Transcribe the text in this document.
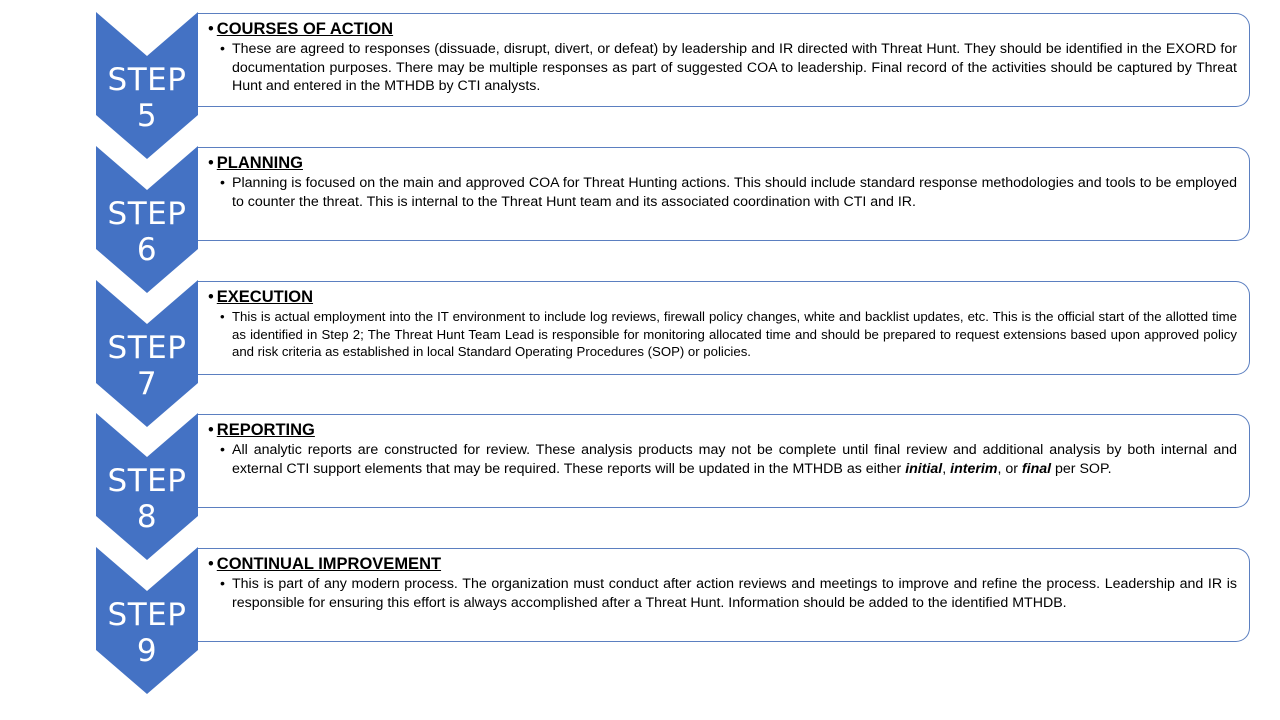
STEP 5
• COURSES OF ACTION
• These are agreed to responses (dissuade, disrupt, divert, or defeat) by leadership and IR directed with Threat Hunt. They should be identified in the EXORD for documentation purposes. There may be multiple responses as part of suggested COA to leadership. Final record of the activities should be captured by Threat Hunt and entered in the MTHDB by CTI analysts.
STEP 6
• PLANNING
• Planning is focused on the main and approved COA for Threat Hunting actions. This should include standard response methodologies and tools to be employed to counter the threat. This is internal to the Threat Hunt team and its associated coordination with CTI and IR.
STEP 7
• EXECUTION
• This is actual employment into the IT environment to include log reviews, firewall policy changes, white and backlist updates, etc. This is the official start of the allotted time as identified in Step 2; The Threat Hunt Team Lead is responsible for monitoring allocated time and should be prepared to request extensions based upon approved policy and risk criteria as established in local Standard Operating Procedures (SOP) or policies.
STEP 8
• REPORTING
• All analytic reports are constructed for review. These analysis products may not be complete until final review and additional analysis by both internal and external CTI support elements that may be required. These reports will be updated in the MTHDB as either initial, interim, or final per SOP.
STEP 9
• CONTINUAL IMPROVEMENT
• This is part of any modern process. The organization must conduct after action reviews and meetings to improve and refine the process. Leadership and IR is responsible for ensuring this effort is always accomplished after a Threat Hunt. Information should be added to the identified MTHDB.
